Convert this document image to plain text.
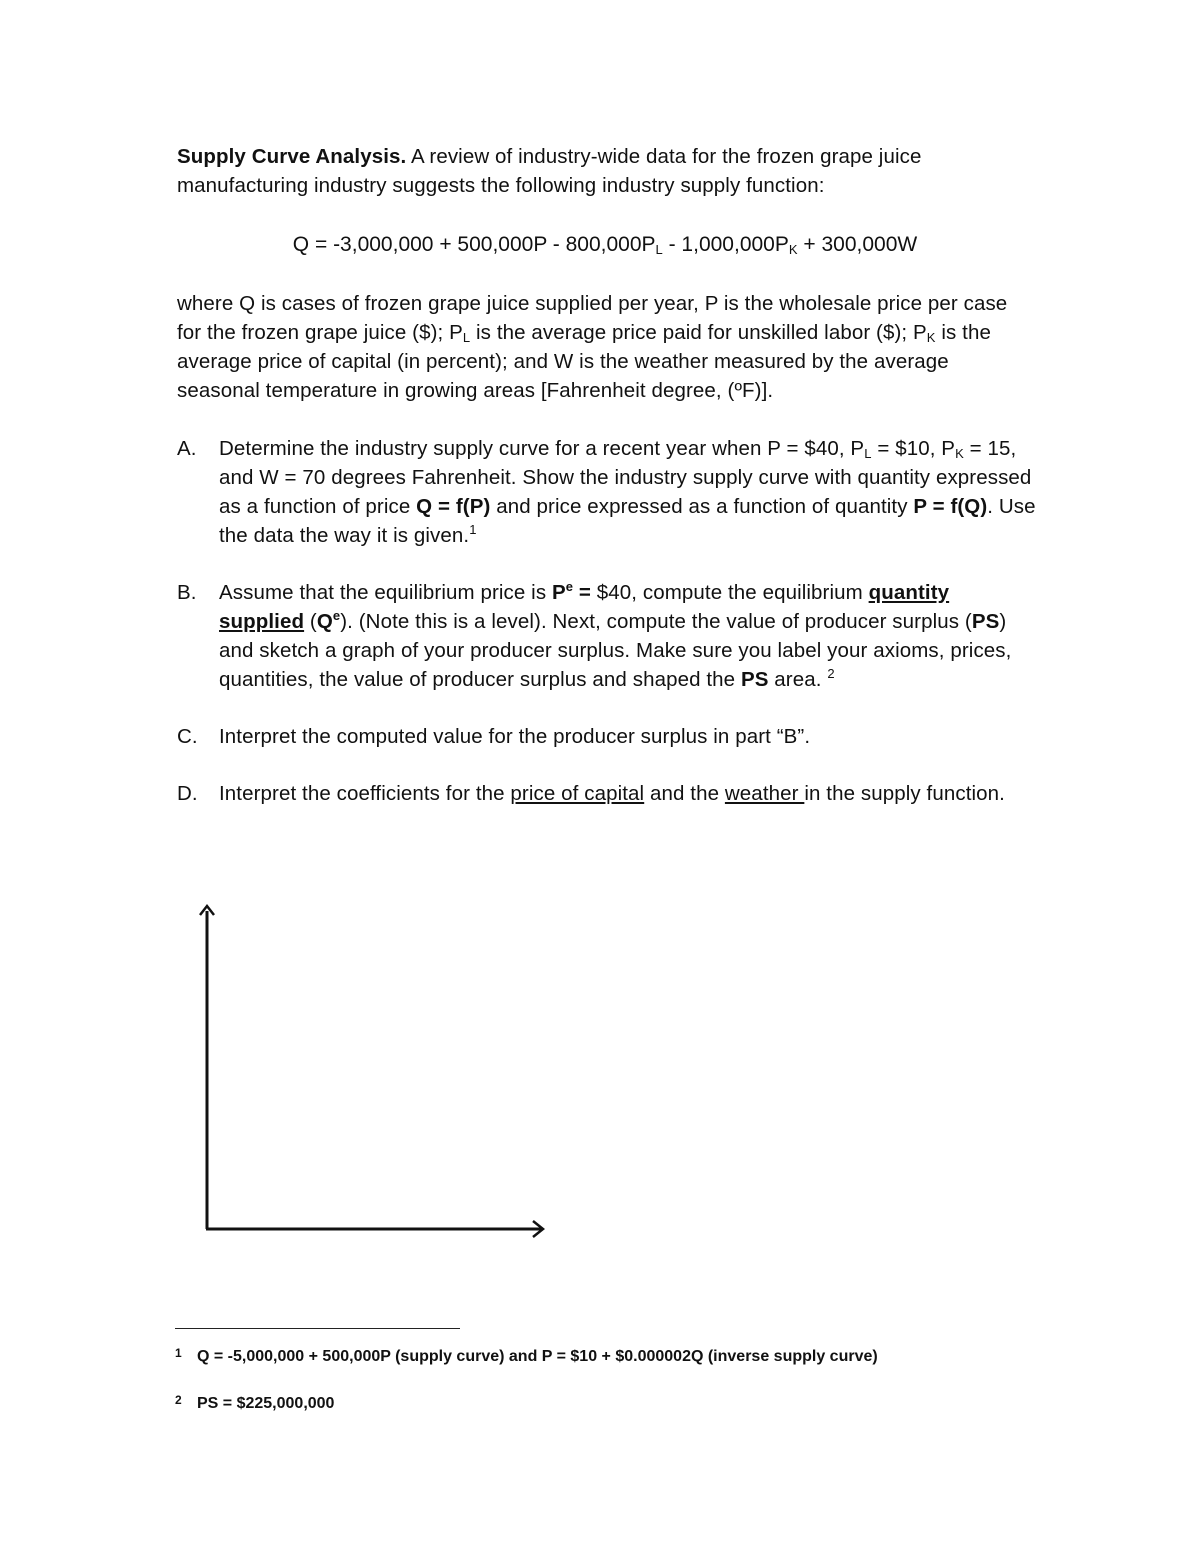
Supply Curve Analysis. A review of industry-wide data for the frozen grape juice manufacturing industry suggests the following industry supply function:

$Q = -3,000,000 + 500,000P - 800,000P_L - 1,000,000P_K + 300,000W$

where Q is cases of frozen grape juice supplied per year, P is the wholesale price per case for the frozen grape juice ($); $P_L$ is the average price paid for unskilled labor ($); $P_K$ is the average price of capital (in percent); and W is the weather measured by the average seasonal temperature in growing areas [Fahrenheit degree, (ºF)].

A.	Determine the industry supply curve for a recent year when P = $40, $P_L$ = $10, $P_K = 15$, and W = 70 degrees Fahrenheit. Show the industry supply curve with quantity expressed as a function of price Q = f(P) and price expressed as a function of quantity P = f(Q). Use the data the way it is given.$^1$
B.	Assume that the equilibrium price is $P^e$ = $40, compute the equilibrium quantity supplied $(Q^e)$. (Note this is a level). Next, compute the value of producer surplus (PS) and sketch a graph of your producer surplus. Make sure you label your axioms, prices, quantities, the value of producer surplus and shaped the PS area. $^2$
C.	Interpret the computed value for the producer surplus in part “B”.
D.	Interpret the coefficients for the price of capital and the weather in the supply function.
1 Q = -5,000,000 + 500,000P (supply curve) and P = $10 + $0.000002Q (inverse supply curve)
2 PS = $225,000,000
